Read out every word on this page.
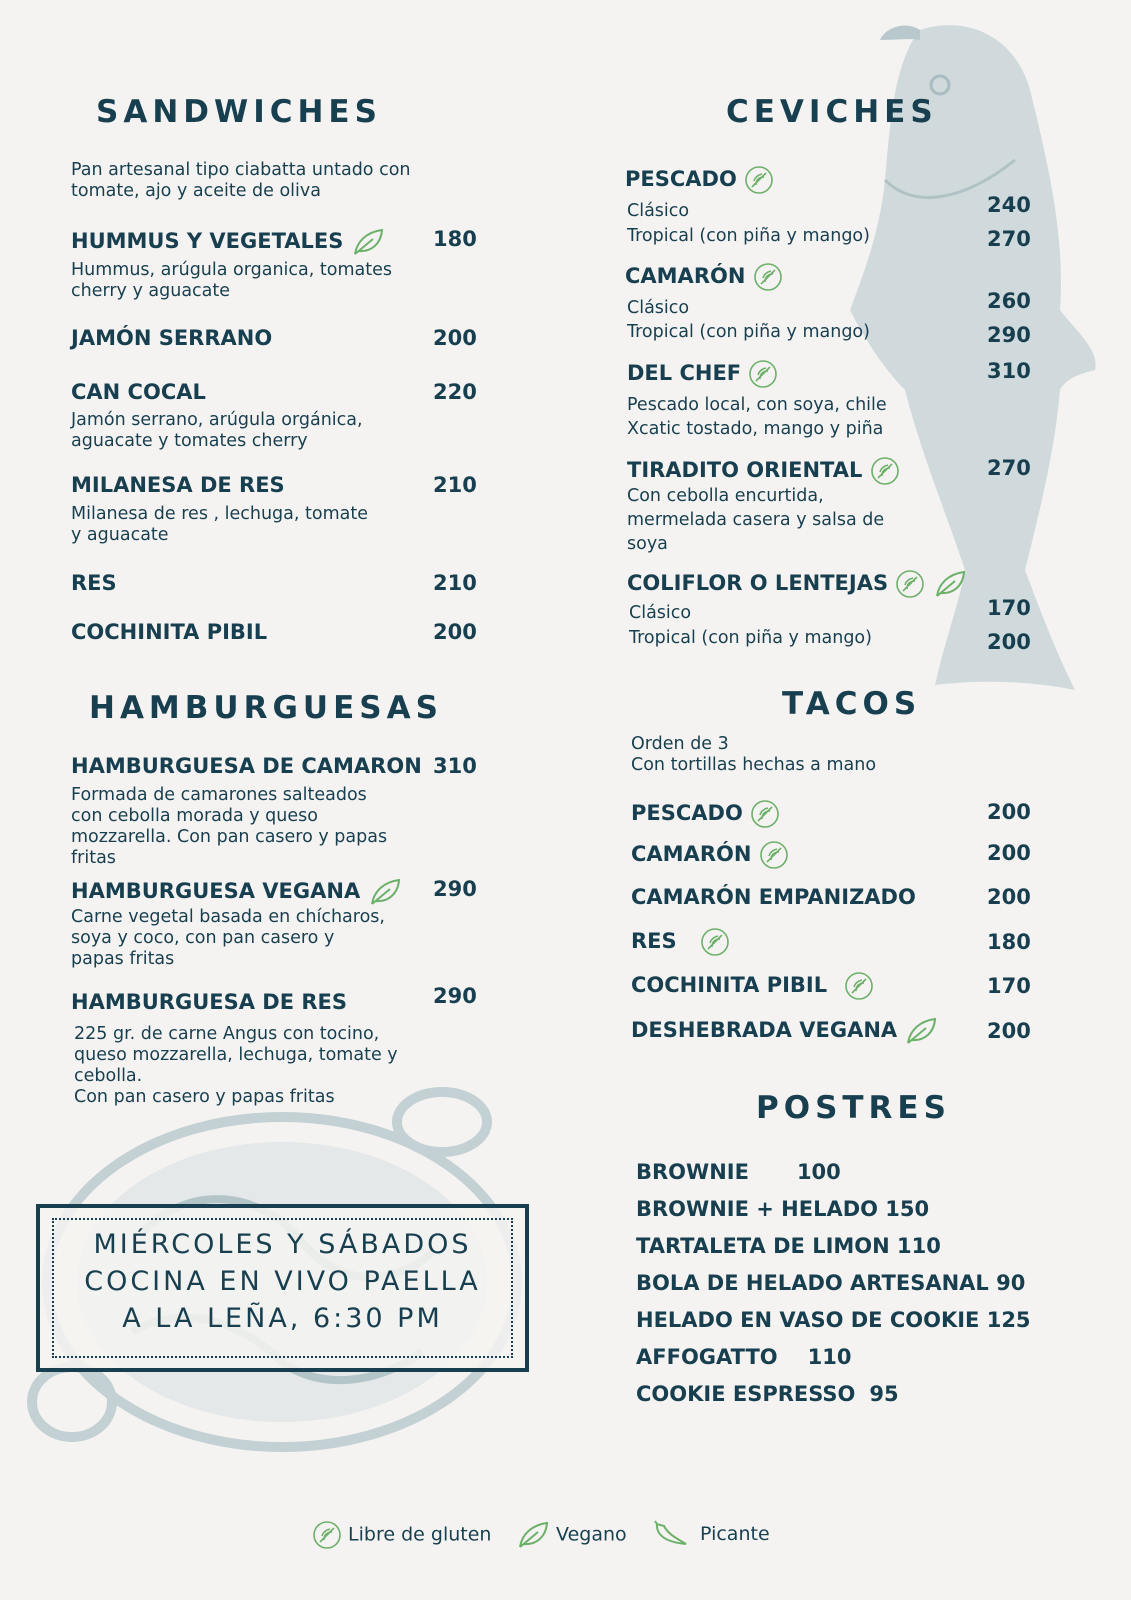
SANDWICHES
Pan artesanal tipo ciabatta untado con
tomate, ajo y aceite de oliva
HUMMUS Y VEGETALES	180
Hummus, arúgula organica, tomates
cherry y aguacate
JAMÓN SERRANO	200
CAN COCAL	220
Jamón serrano, arúgula orgánica,
aguacate y tomates cherry
MILANESA DE RES	210
Milanesa de res , lechuga, tomate
y aguacate
RES	210
COCHINITA PIBIL	200
HAMBURGUESAS
HAMBURGUESA DE CAMARON 310
Formada de camarones salteados
con cebolla morada y queso
mozzarella. Con pan casero y papas
fritas
HAMBURGUESA VEGANA	290
Carne vegetal basada en chícharos,
soya y coco, con pan casero y
papas fritas
HAMBURGUESA DE RES	290
225 gr. de carne Angus con tocino,
queso mozzarella, lechuga, tomate y
cebolla.
Con pan casero y papas fritas
MIÉRCOLES Y SÁBADOS
COCINA EN VIVO PAELLA
A LA LEÑA, 6:30 PM
CEVICHES
PESCADO
Clásico	240
Tropical (con piña y mango)	270
CAMARÓN
Clásico	260
Tropical (con piña y mango)	290
DEL CHEF	310
Pescado local, con soya, chile
Xcatic tostado, mango y piña
TIRADITO ORIENTAL	270
Con cebolla encurtida,
mermelada casera y salsa de
soya
COLIFLOR O LENTEJAS
Clásico	170
Tropical (con piña y mango)	200
TACOS
Orden de 3
Con tortillas hechas a mano
PESCADO	200
CAMARÓN	200
CAMARÓN EMPANIZADO	200
RES	180
COCHINITA PIBIL	170
DESHEBRADA VEGANA	200
POSTRES
BROWNIE 100
BROWNIE + HELADO 150
TARTALETA DE LIMON 110
BOLA DE HELADO ARTESANAL 90
HELADO EN VASO DE COOKIE 125
AFFOGATTO 110
COOKIE ESPRESSO 95
Libre de gluten	Vegano	Picante
